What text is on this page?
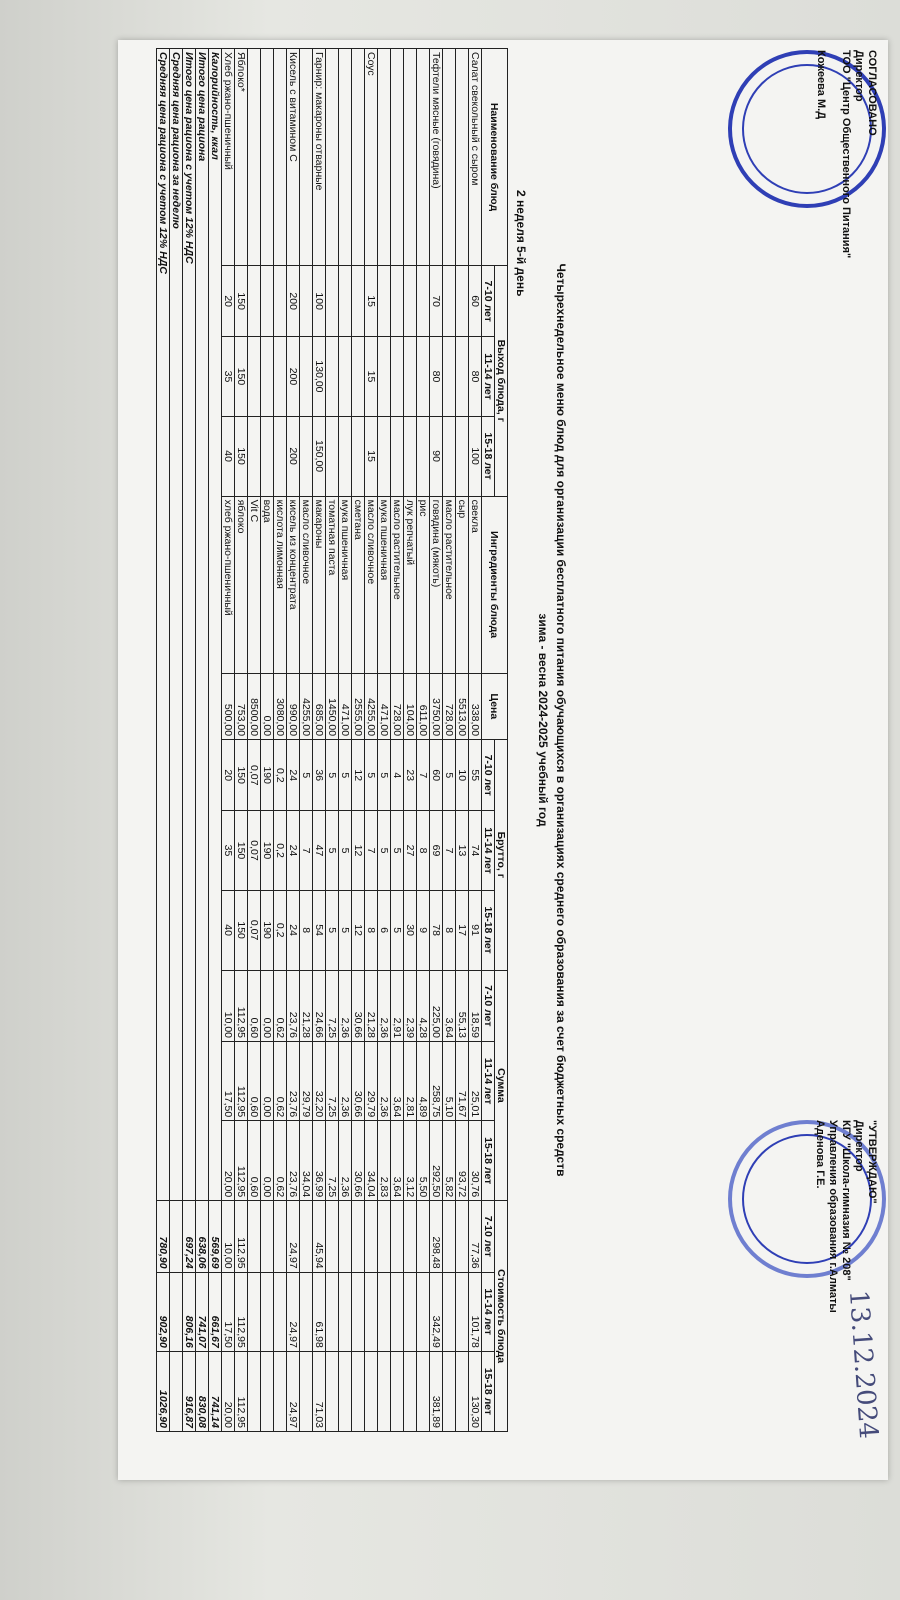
СОГЛАСОВАНО
Директор
ТОО "Центр Общественного Питания"
Кожеева М.Д
"УТВЕРЖДАЮ"
Директор
КГУ "Школа-гимназия № 208"
Управления образования г.Алматы
Аденова Г.Е.
13.12.2024
Четырехнедельное меню блюд для организации бесплатного питания обучающихся в организациях среднего образования за счет бюджетных средств
зима - весна 2024-2025 учебный год
2 неделя 5-й день
Наименование блюд	Выход блюда, г			Ингредиенты блюда	Цена	Брутто, г			Сумма			Стоимость блюда		
	7-10 лет	11-14 лет	15-18 лет			7-10 лет	11-14 лет	15-18 лет	7-10 лет	11-14 лет	15-18 лет	7-10 лет	11-14 лет	15-18 лет
Салат свекольный с сыром	60	80	100	свекла	338,00	55	74	91	18,59	25,01	30,76	77,36	101,78	130,30
				сыр	5513,00	10	13	17	55,13	71,67	93,72			
				масло растительное	728,00	5	7	8	3,64	5,10	5,82			
Тефтели мясные (говядина)	70	80	90	говядина (мякоть)	3750,00	60	69	78	225,00	258,75	292,50	298,48	342,49	381,89
				рис	611,00	7	8	9	4,28	4,89	5,50			
				лук репчатый	104,00	23	27	30	2,39	2,81	3,12			
				масло растительное	728,00	4	5	5	2,91	3,64	3,64			
				мука пшеничная	471,00	5	5	6	2,36	2,36	2,83			
Соус	15	15	15	масло сливочное	4255,00	5	7	8	21,28	29,79	34,04			
				сметана	2555,00	12	12	12	30,66	30,66	30,66			
				мука пшеничная	471,00	5	5	5	2,36	2,36	2,36			
				томатная паста	1450,00	5	5	5	7,25	7,25	7,25			
Гарнир: макароны отварные	100	130,00	150,00	макароны	685,00	36	47	54	24,66	32,20	36,99	45,94	61,98	71,03
				масло сливочное	4255,00	5	7	8	21,28	29,79	34,04			
Кисель с витамином С	200	200	200	кисель из концентрата	990,00	24	24	24	23,76	23,76	23,76	24,97	24,97	24,97
				кислота лимонная	3080,00	0,2	0,2	0,2	0,62	0,62	0,62			
				вода	0,00	190	190	190	0,00	0,00	0,00			
				Vit C	8500,00	0,07	0,07	0,07	0,60	0,60	0,60			
Яблоко*	150	150	150	яблоко	753,00	150	150	150	112,95	112,95	112,95	112,95	112,95	112,95
Хлеб ржано-пшеничный	20	35	40	хлеб ржано-пшеничный	500,00	20	35	40	10,00	17,50	20,00	10,00	17,50	20,00
Калорийность, ккал												569,69	661,67	741,14
Итого цена рациона												638,06	741,07	830,08
Итого цена рациона с учетом 12% НДС												697,24	806,16	916,87
Средняя цена рациона за неделю														
Средняя цена рациона с учетом 12% НДС												780,90	902,90	1026,90
